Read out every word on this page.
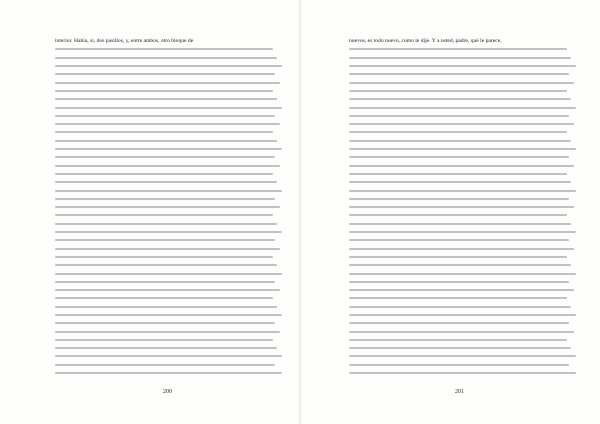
interior. Había, sí, dos pasillos, y, entre ambos, otro bloque de
200
nuevos, es todo nuevo, como te dije. Y a usted, padre, qué le parece,
201
